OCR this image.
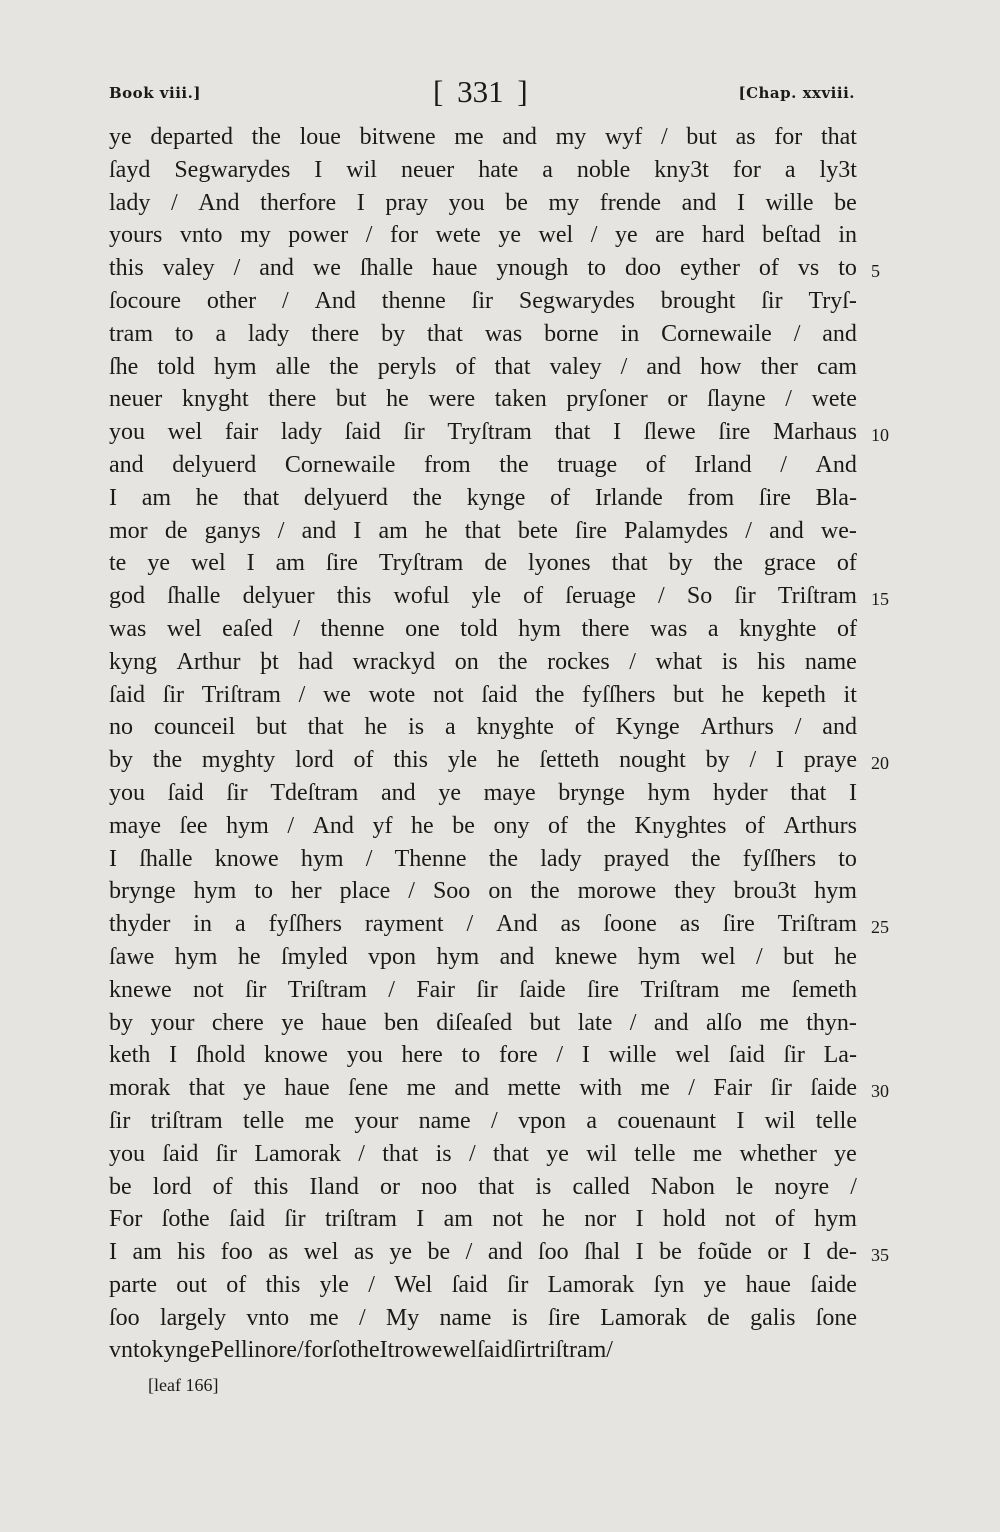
Book viii.]	[ 331 ]	[Chap. xxviii.
ye departed the loue bitwene me and my wyf / but as for that
ſayd Segwarydes I wil neuer hate a noble kny3t for a ly3t
lady / And therfore I pray you be my frende and I wille be
yours vnto my power / for wete ye wel / ye are hard beſtad in
this valey / and we ſhalle haue ynough to doo eyther of vs to
ſocoure other / And thenne ſir Segwarydes brought ſir Tryſ-
tram to a lady there by that was borne in Cornewaile / and
ſhe told hym alle the peryls of that valey / and how ther cam
neuer knyght there but he were taken pryſoner or ſlayne / wete
you wel fair lady ſaid ſir Tryſtram that I ſlewe ſire Marhaus
and delyuerd Cornewaile from the truage of Irland / And
I am he that delyuerd the kynge of Irlande from ſire Bla-
mor de ganys / and I am he that bete ſire Palamydes / and we-
te ye wel I am ſire Tryſtram de lyones that by the grace of
god ſhalle delyuer this woful yle of ſeruage / So ſir Triſtram
was wel eaſed / thenne one told hym there was a knyghte of
kyng Arthur þt had wrackyd on the rockes / what is his name
ſaid ſir Triſtram / we wote not ſaid the fyſſhers but he kepeth it
no counceil but that he is a knyghte of Kynge Arthurs / and
by the myghty lord of this yle he ſetteth nought by / I praye
you ſaid ſir Tdeſtram and ye maye brynge hym hyder that I
maye ſee hym / And yf he be ony of the Knyghtes of Arthurs
I ſhalle knowe hym / Thenne the lady prayed the fyſſhers to
brynge hym to her place / Soo on the morowe they brou3t hym
thyder in a fyſſhers rayment / And as ſoone as ſire Triſtram
ſawe hym he ſmyled vpon hym and knewe hym wel / but he
knewe not ſir Triſtram / Fair ſir ſaide ſire Triſtram me ſemeth
by your chere ye haue ben diſeaſed but late / and alſo me thyn-
keth I ſhold knowe you here to fore / I wille wel ſaid ſir La-
morak that ye haue ſene me and mette with me / Fair ſir ſaide
ſir triſtram telle me your name / vpon a couenaunt I wil telle
you ſaid ſir Lamorak / that is / that ye wil telle me whether ye
be lord of this Iland or noo that is called Nabon le noyre /
For ſothe ſaid ſir triſtram I am not he nor I hold not of hym
I am his foo as wel as ye be / and ſoo ſhal I be foũde or I de-
parte out of this yle / Wel ſaid ſir Lamorak ſyn ye haue ſaide
ſoo largely vnto me / My name is ſire Lamorak de galis ſone
vnto kynge Pellinore / forſothe I trowe wel ſaid ſir triſtram /
5
10
15
20
25
30
35
[leaf 166]
